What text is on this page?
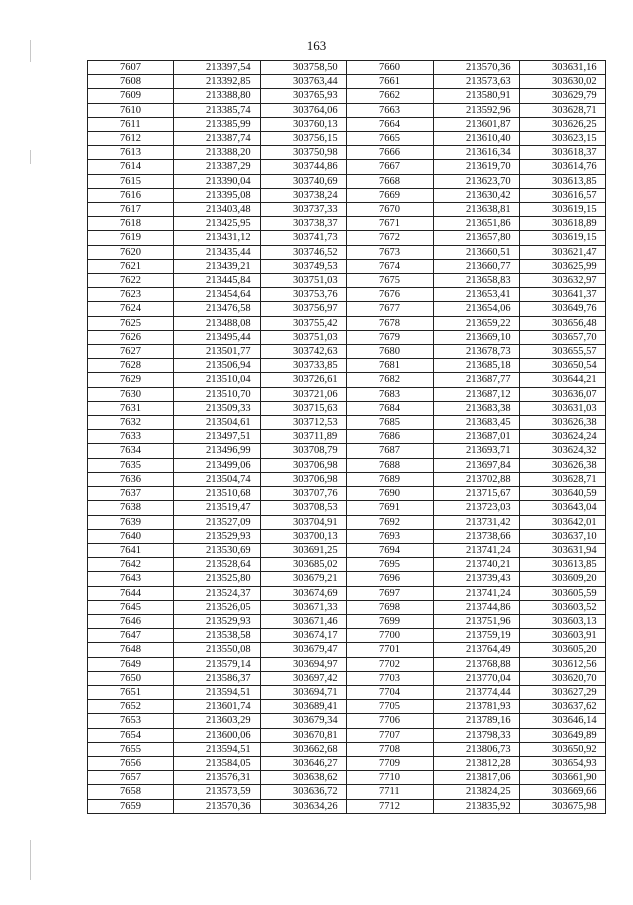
163
7607	213397,54	303758,50	7660	213570,36	303631,16
7608	213392,85	303763,44	7661	213573,63	303630,02
7609	213388,80	303765,93	7662	213580,91	303629,79
7610	213385,74	303764,06	7663	213592,96	303628,71
7611	213385,99	303760,13	7664	213601,87	303626,25
7612	213387,74	303756,15	7665	213610,40	303623,15
7613	213388,20	303750,98	7666	213616,34	303618,37
7614	213387,29	303744,86	7667	213619,70	303614,76
7615	213390,04	303740,69	7668	213623,70	303613,85
7616	213395,08	303738,24	7669	213630,42	303616,57
7617	213403,48	303737,33	7670	213638,81	303619,15
7618	213425,95	303738,37	7671	213651,86	303618,89
7619	213431,12	303741,73	7672	213657,80	303619,15
7620	213435,44	303746,52	7673	213660,51	303621,47
7621	213439,21	303749,53	7674	213660,77	303625,99
7622	213445,84	303751,03	7675	213658,83	303632,97
7623	213454,64	303753,76	7676	213653,41	303641,37
7624	213476,58	303756,97	7677	213654,06	303649,76
7625	213488,08	303755,42	7678	213659,22	303656,48
7626	213495,44	303751,03	7679	213669,10	303657,70
7627	213501,77	303742,63	7680	213678,73	303655,57
7628	213506,94	303733,85	7681	213685,18	303650,54
7629	213510,04	303726,61	7682	213687,77	303644,21
7630	213510,70	303721,06	7683	213687,12	303636,07
7631	213509,33	303715,63	7684	213683,38	303631,03
7632	213504,61	303712,53	7685	213683,45	303626,38
7633	213497,51	303711,89	7686	213687,01	303624,24
7634	213496,99	303708,79	7687	213693,71	303624,32
7635	213499,06	303706,98	7688	213697,84	303626,38
7636	213504,74	303706,98	7689	213702,88	303628,71
7637	213510,68	303707,76	7690	213715,67	303640,59
7638	213519,47	303708,53	7691	213723,03	303643,04
7639	213527,09	303704,91	7692	213731,42	303642,01
7640	213529,93	303700,13	7693	213738,66	303637,10
7641	213530,69	303691,25	7694	213741,24	303631,94
7642	213528,64	303685,02	7695	213740,21	303613,85
7643	213525,80	303679,21	7696	213739,43	303609,20
7644	213524,37	303674,69	7697	213741,24	303605,59
7645	213526,05	303671,33	7698	213744,86	303603,52
7646	213529,93	303671,46	7699	213751,96	303603,13
7647	213538,58	303674,17	7700	213759,19	303603,91
7648	213550,08	303679,47	7701	213764,49	303605,20
7649	213579,14	303694,97	7702	213768,88	303612,56
7650	213586,37	303697,42	7703	213770,04	303620,70
7651	213594,51	303694,71	7704	213774,44	303627,29
7652	213601,74	303689,41	7705	213781,93	303637,62
7653	213603,29	303679,34	7706	213789,16	303646,14
7654	213600,06	303670,81	7707	213798,33	303649,89
7655	213594,51	303662,68	7708	213806,73	303650,92
7656	213584,05	303646,27	7709	213812,28	303654,93
7657	213576,31	303638,62	7710	213817,06	303661,90
7658	213573,59	303636,72	7711	213824,25	303669,66
7659	213570,36	303634,26	7712	213835,92	303675,98
